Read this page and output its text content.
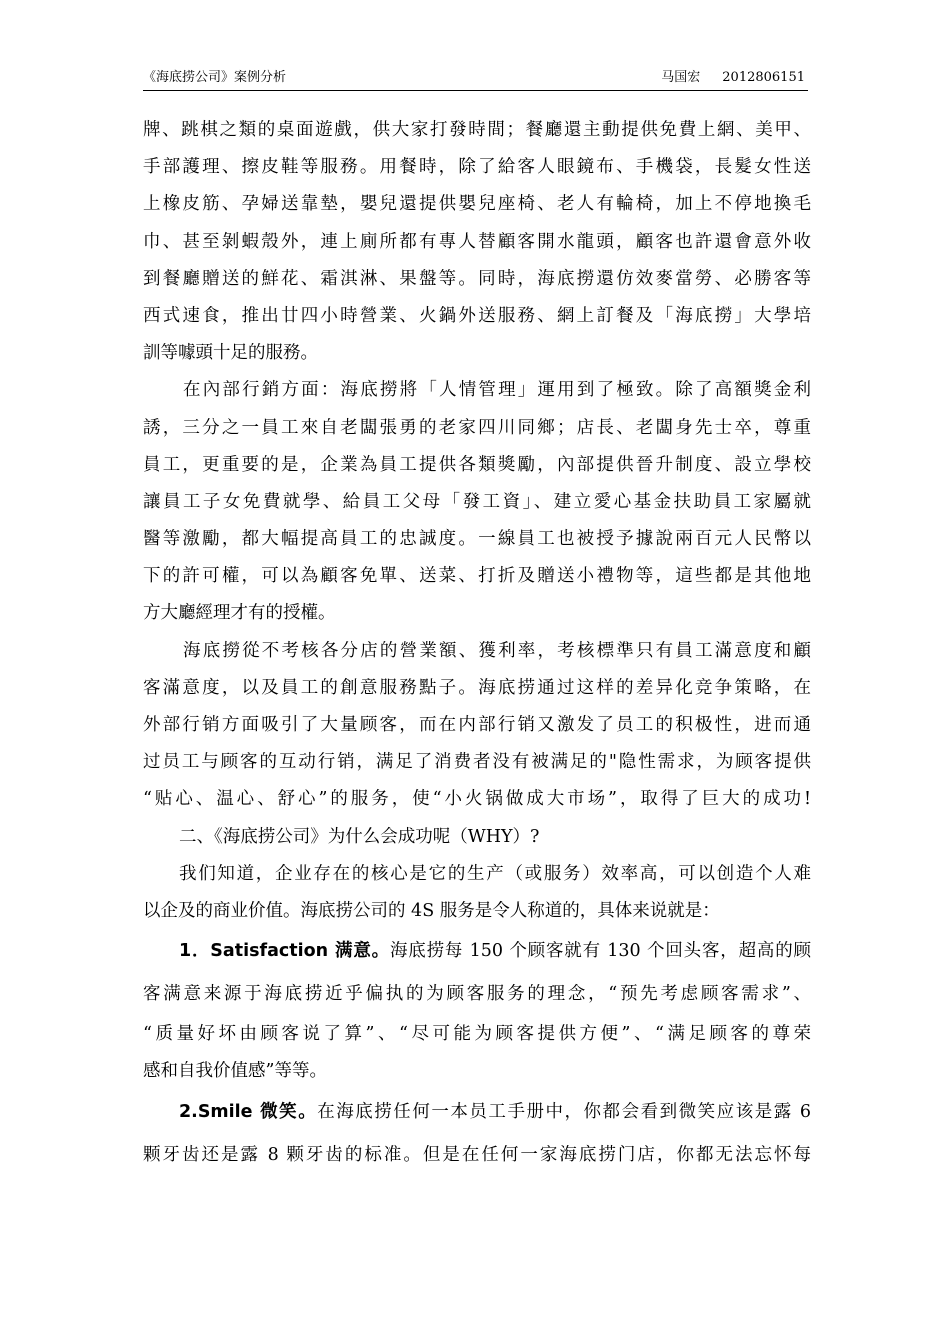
《海底捞公司》案例分析	马国宏 2012806151
牌、跳棋之類的桌面遊戲，供大家打發時間；餐廳還主動提供免費上網、美甲、
手部護理、擦皮鞋等服務。用餐時，除了給客人眼鏡布、手機袋，長髮女性送
上橡皮筋、孕婦送靠墊，嬰兒還提供嬰兒座椅、老人有輪椅，加上不停地換毛
巾、甚至剝蝦殼外，連上廁所都有專人替顧客開水龍頭，顧客也許還會意外收
到餐廳贈送的鮮花、霜淇淋、果盤等。同時，海底撈還仿效麥當勞、必勝客等
西式速食，推出廿四小時營業、火鍋外送服務、網上訂餐及「海底撈」大學培
訓等噱頭十足的服務。
在內部行銷方面：海底撈將「人情管理」運用到了極致。除了高額獎金利
誘，三分之一員工來自老闆張勇的老家四川同鄉；店長、老闆身先士卒，尊重
員工，更重要的是，企業為員工提供各類獎勵，內部提供晉升制度、設立學校
讓員工子女免費就學、給員工父母「發工資」、建立愛心基金扶助員工家屬就
醫等激勵，都大幅提高員工的忠誠度。一線員工也被授予據說兩百元人民幣以
下的許可權，可以為顧客免單、送菜、打折及贈送小禮物等，這些都是其他地
方大廳經理才有的授權。
海底撈從不考核各分店的營業額、獲利率，考核標準只有員工滿意度和顧
客滿意度，以及員工的創意服務點子。海底捞通过这样的差异化竞争策略，在
外部行销方面吸引了大量顾客，而在内部行销又激发了员工的积极性，进而通
过员工与顾客的互动行销，满足了消费者没有被满足的"隐性需求，为顾客提供
“贴心、温心、舒心”的服务，使“小火锅做成大市场”，取得了巨大的成功!
二、《海底捞公司》为什么会成功呢（WHY）?
我们知道，企业存在的核心是它的生产（或服务）效率高，可以创造个人难
以企及的商业价值。海底捞公司的 4S 服务是令人称道的，具体来说就是：
1．Satisfaction 满意。海底捞每 150 个顾客就有 130 个回头客，超高的顾
客满意来源于海底捞近乎偏执的为顾客服务的理念，“预先考虑顾客需求”、
“质量好坏由顾客说了算”、“尽可能为顾客提供方便”、“满足顾客的尊荣
感和自我价值感”等等。
2.Smile 微笑。在海底捞任何一本员工手册中，你都会看到微笑应该是露 6
颗牙齿还是露 8 颗牙齿的标准。但是在任何一家海底捞门店，你都无法忘怀每
